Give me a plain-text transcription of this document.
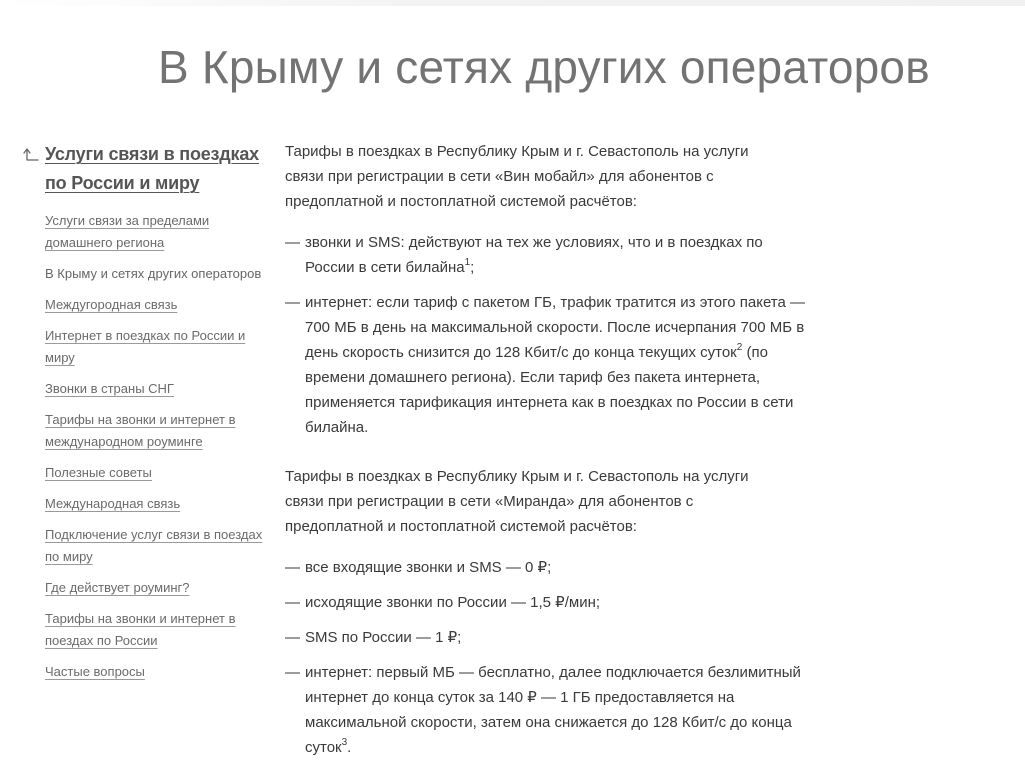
В Крыму и сетях других операторов
Услуги связи в поездках по России и миру
Услуги связи за пределами домашнего региона
В Крыму и сетях других операторов
Междугородная связь
Интернет в поездках по России и миру
Звонки в страны СНГ
Тарифы на звонки и интернет в международном роуминге
Полезные советы
Международная связь
Подключение услуг связи в поездах по миру
Где действует роуминг?
Тарифы на звонки и интернет в поездах по России
Частые вопросы

Тарифы в поездках в Республику Крым и г. Севастополь на услуги связи при регистрации в сети «Вин мобайл» для абонентов с предоплатной и постоплатной системой расчётов:

— звонки и SMS: действуют на тех же условиях, что и в поездках по России в сети билайна$^1$;
— интернет: если тариф с пакетом ГБ, трафик тратится из этого пакета — 700 МБ в день на максимальной скорости. После исчерпания 700 МБ в день скорость снизится до 128 Кбит/с до конца текущих суток$^2$ (по времени домашнего региона). Если тариф без пакета интернета, применяется тарификация интернета как в поездках по России в сети билайна.

Тарифы в поездках в Республику Крым и г. Севастополь на услуги связи при регистрации в сети «Миранда» для абонентов с предоплатной и постоплатной системой расчётов:

— все входящие звонки и SMS — 0 ₽;
— исходящие звонки по России — 1,5 ₽/мин;
— SMS по России — 1 ₽;
— интернет: первый МБ — бесплатно, далее подключается безлимитный интернет до конца суток за 140 ₽ — 1 ГБ предоставляется на максимальной скорости, затем она снижается до 128 Кбит/с до конца суток$^3$.
